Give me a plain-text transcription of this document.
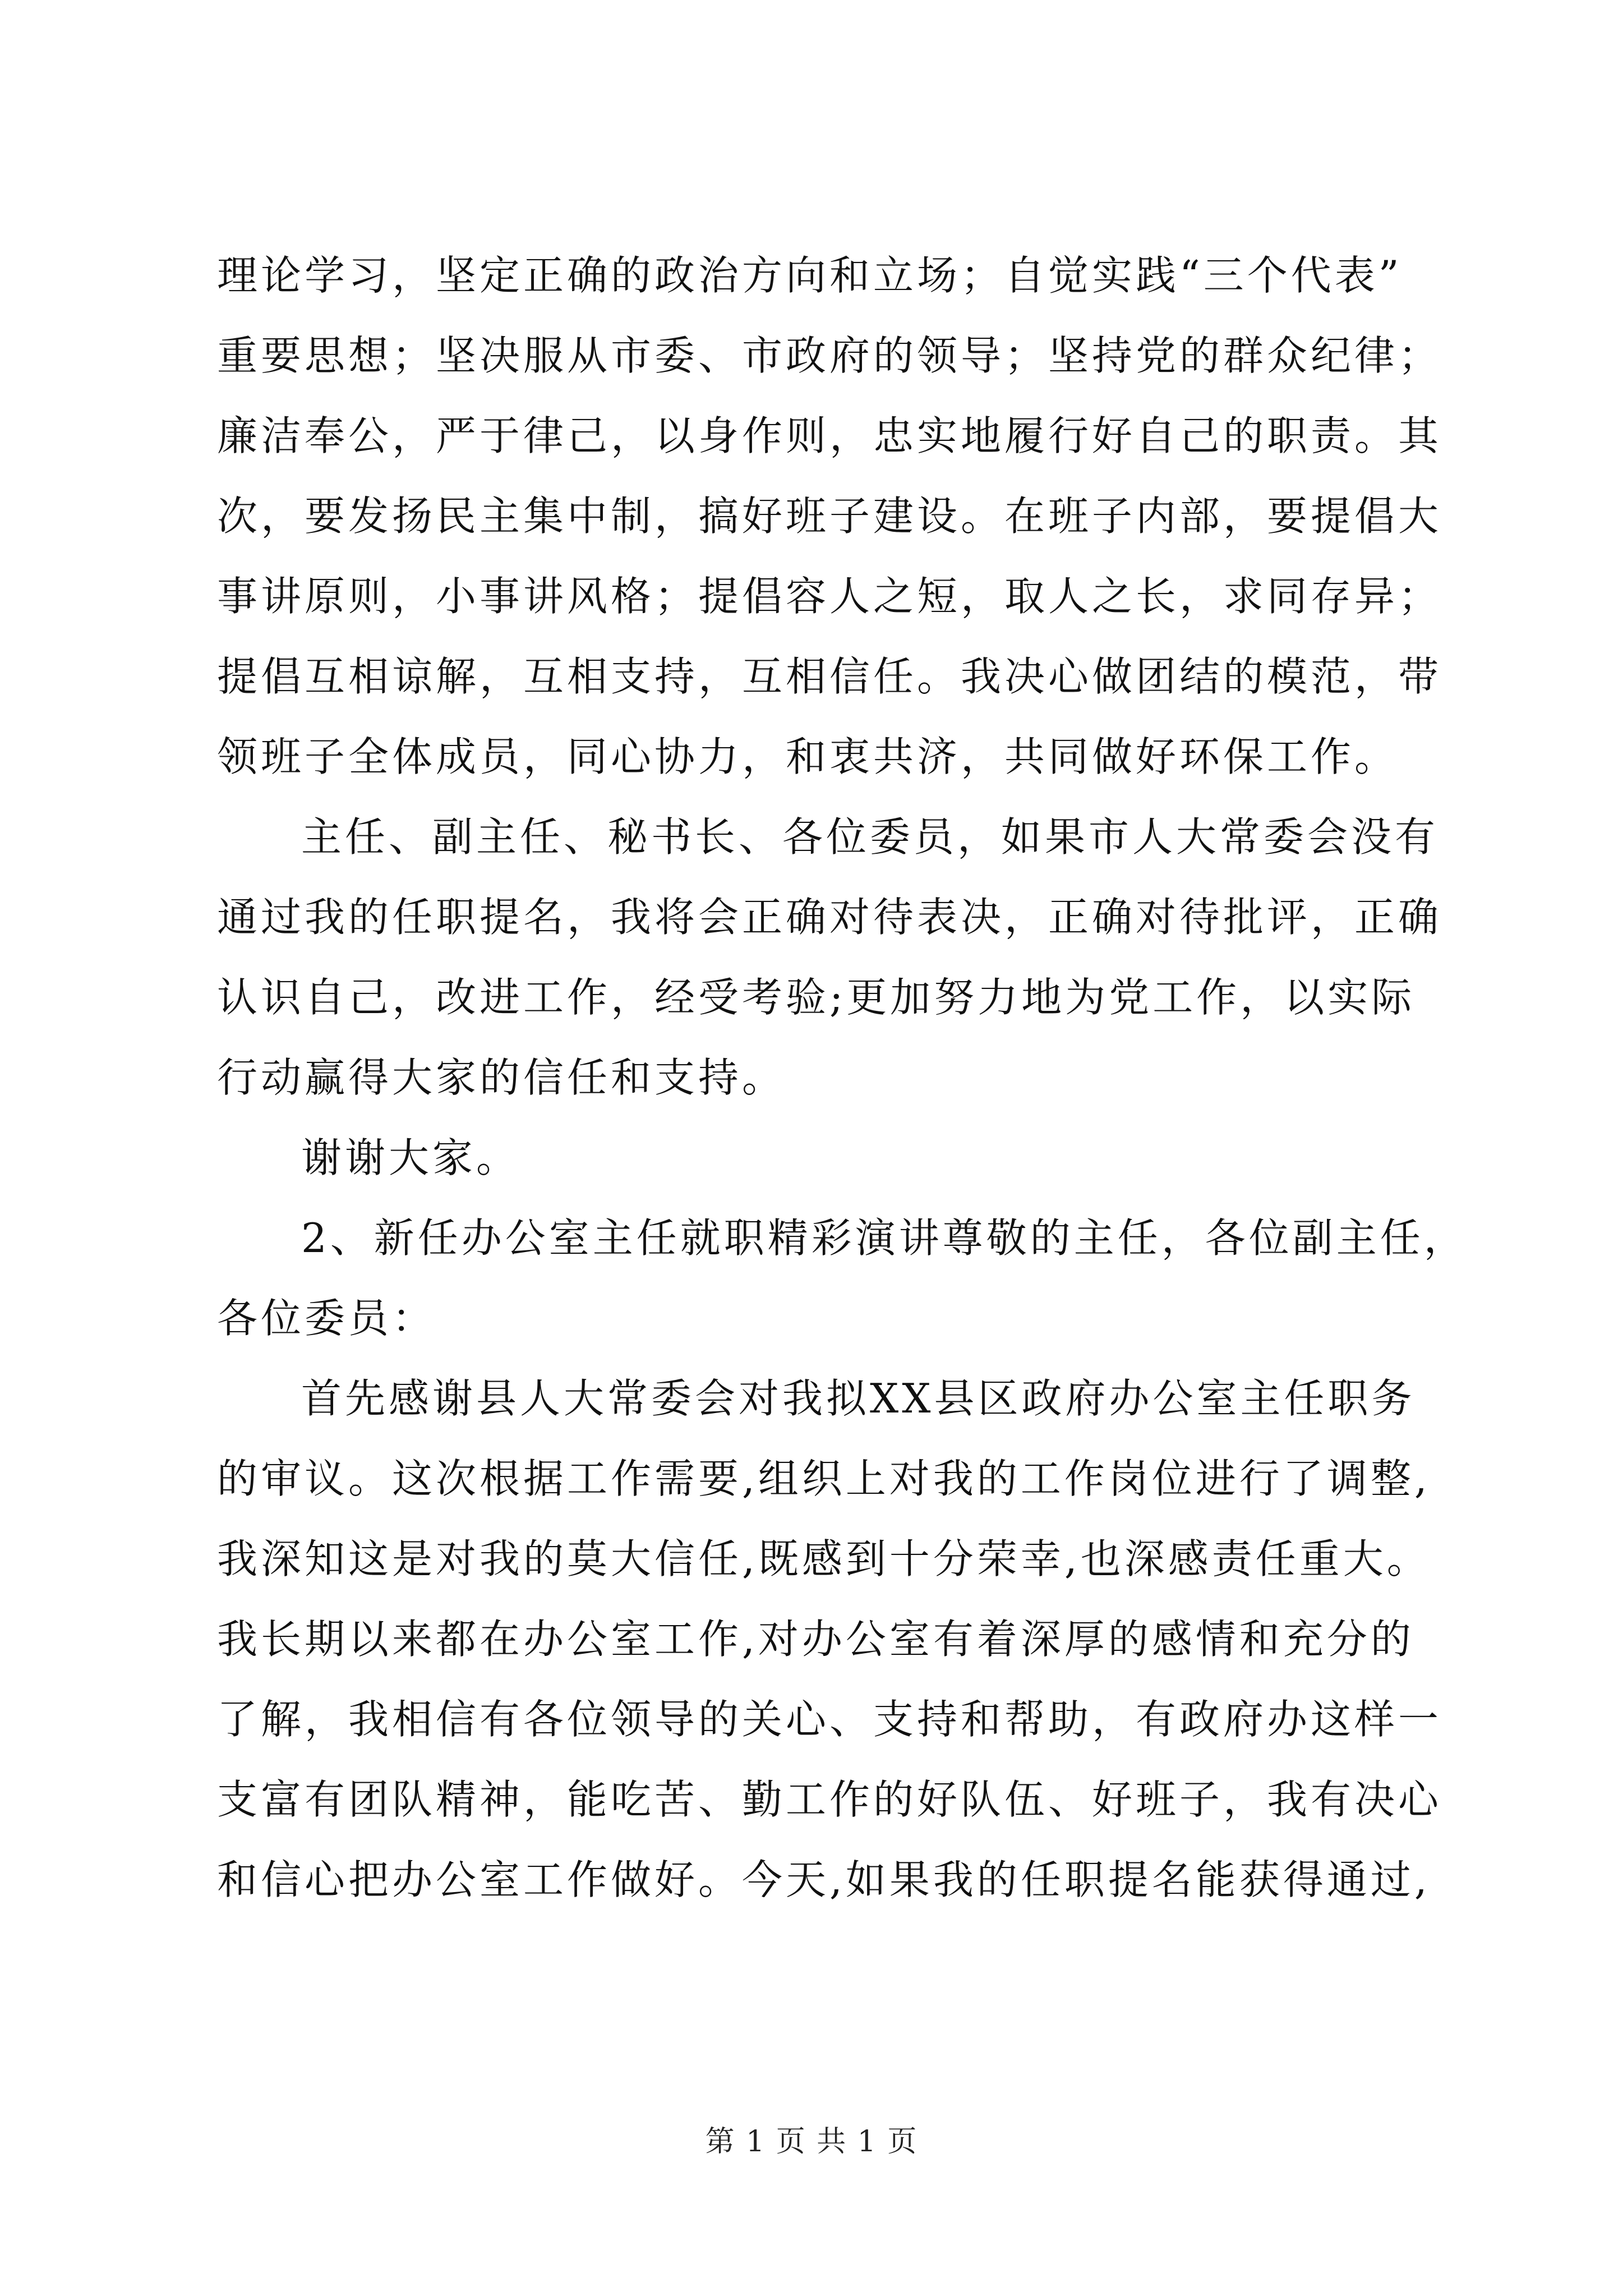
理论学习，坚定正确的政治方向和立场；自觉实践“三个代表”
重要思想；坚决服从市委、市政府的领导；坚持党的群众纪律；
廉洁奉公，严于律己，以身作则，忠实地履行好自己的职责。其
次，要发扬民主集中制，搞好班子建设。在班子内部，要提倡大
事讲原则，小事讲风格；提倡容人之短，取人之长，求同存异；
提倡互相谅解，互相支持，互相信任。我决心做团结的模范，带
领班子全体成员，同心协力，和衷共济，共同做好环保工作。
主任、副主任、秘书长、各位委员，如果市人大常委会没有
通过我的任职提名，我将会正确对待表决，正确对待批评，正确
认识自己，改进工作，经受考验;更加努力地为党工作，以实际
行动赢得大家的信任和支持。
谢谢大家。
2、新任办公室主任就职精彩演讲尊敬的主任，各位副主任，
各位委员：
首先感谢县人大常委会对我拟XX县区政府办公室主任职务
的审议。这次根据工作需要,组织上对我的工作岗位进行了调整,
我深知这是对我的莫大信任,既感到十分荣幸,也深感责任重大。
我长期以来都在办公室工作,对办公室有着深厚的感情和充分的
了解，我相信有各位领导的关心、支持和帮助，有政府办这样一
支富有团队精神，能吃苦、勤工作的好队伍、好班子，我有决心
和信心把办公室工作做好。今天,如果我的任职提名能获得通过,
第 1 页 共 1 页
